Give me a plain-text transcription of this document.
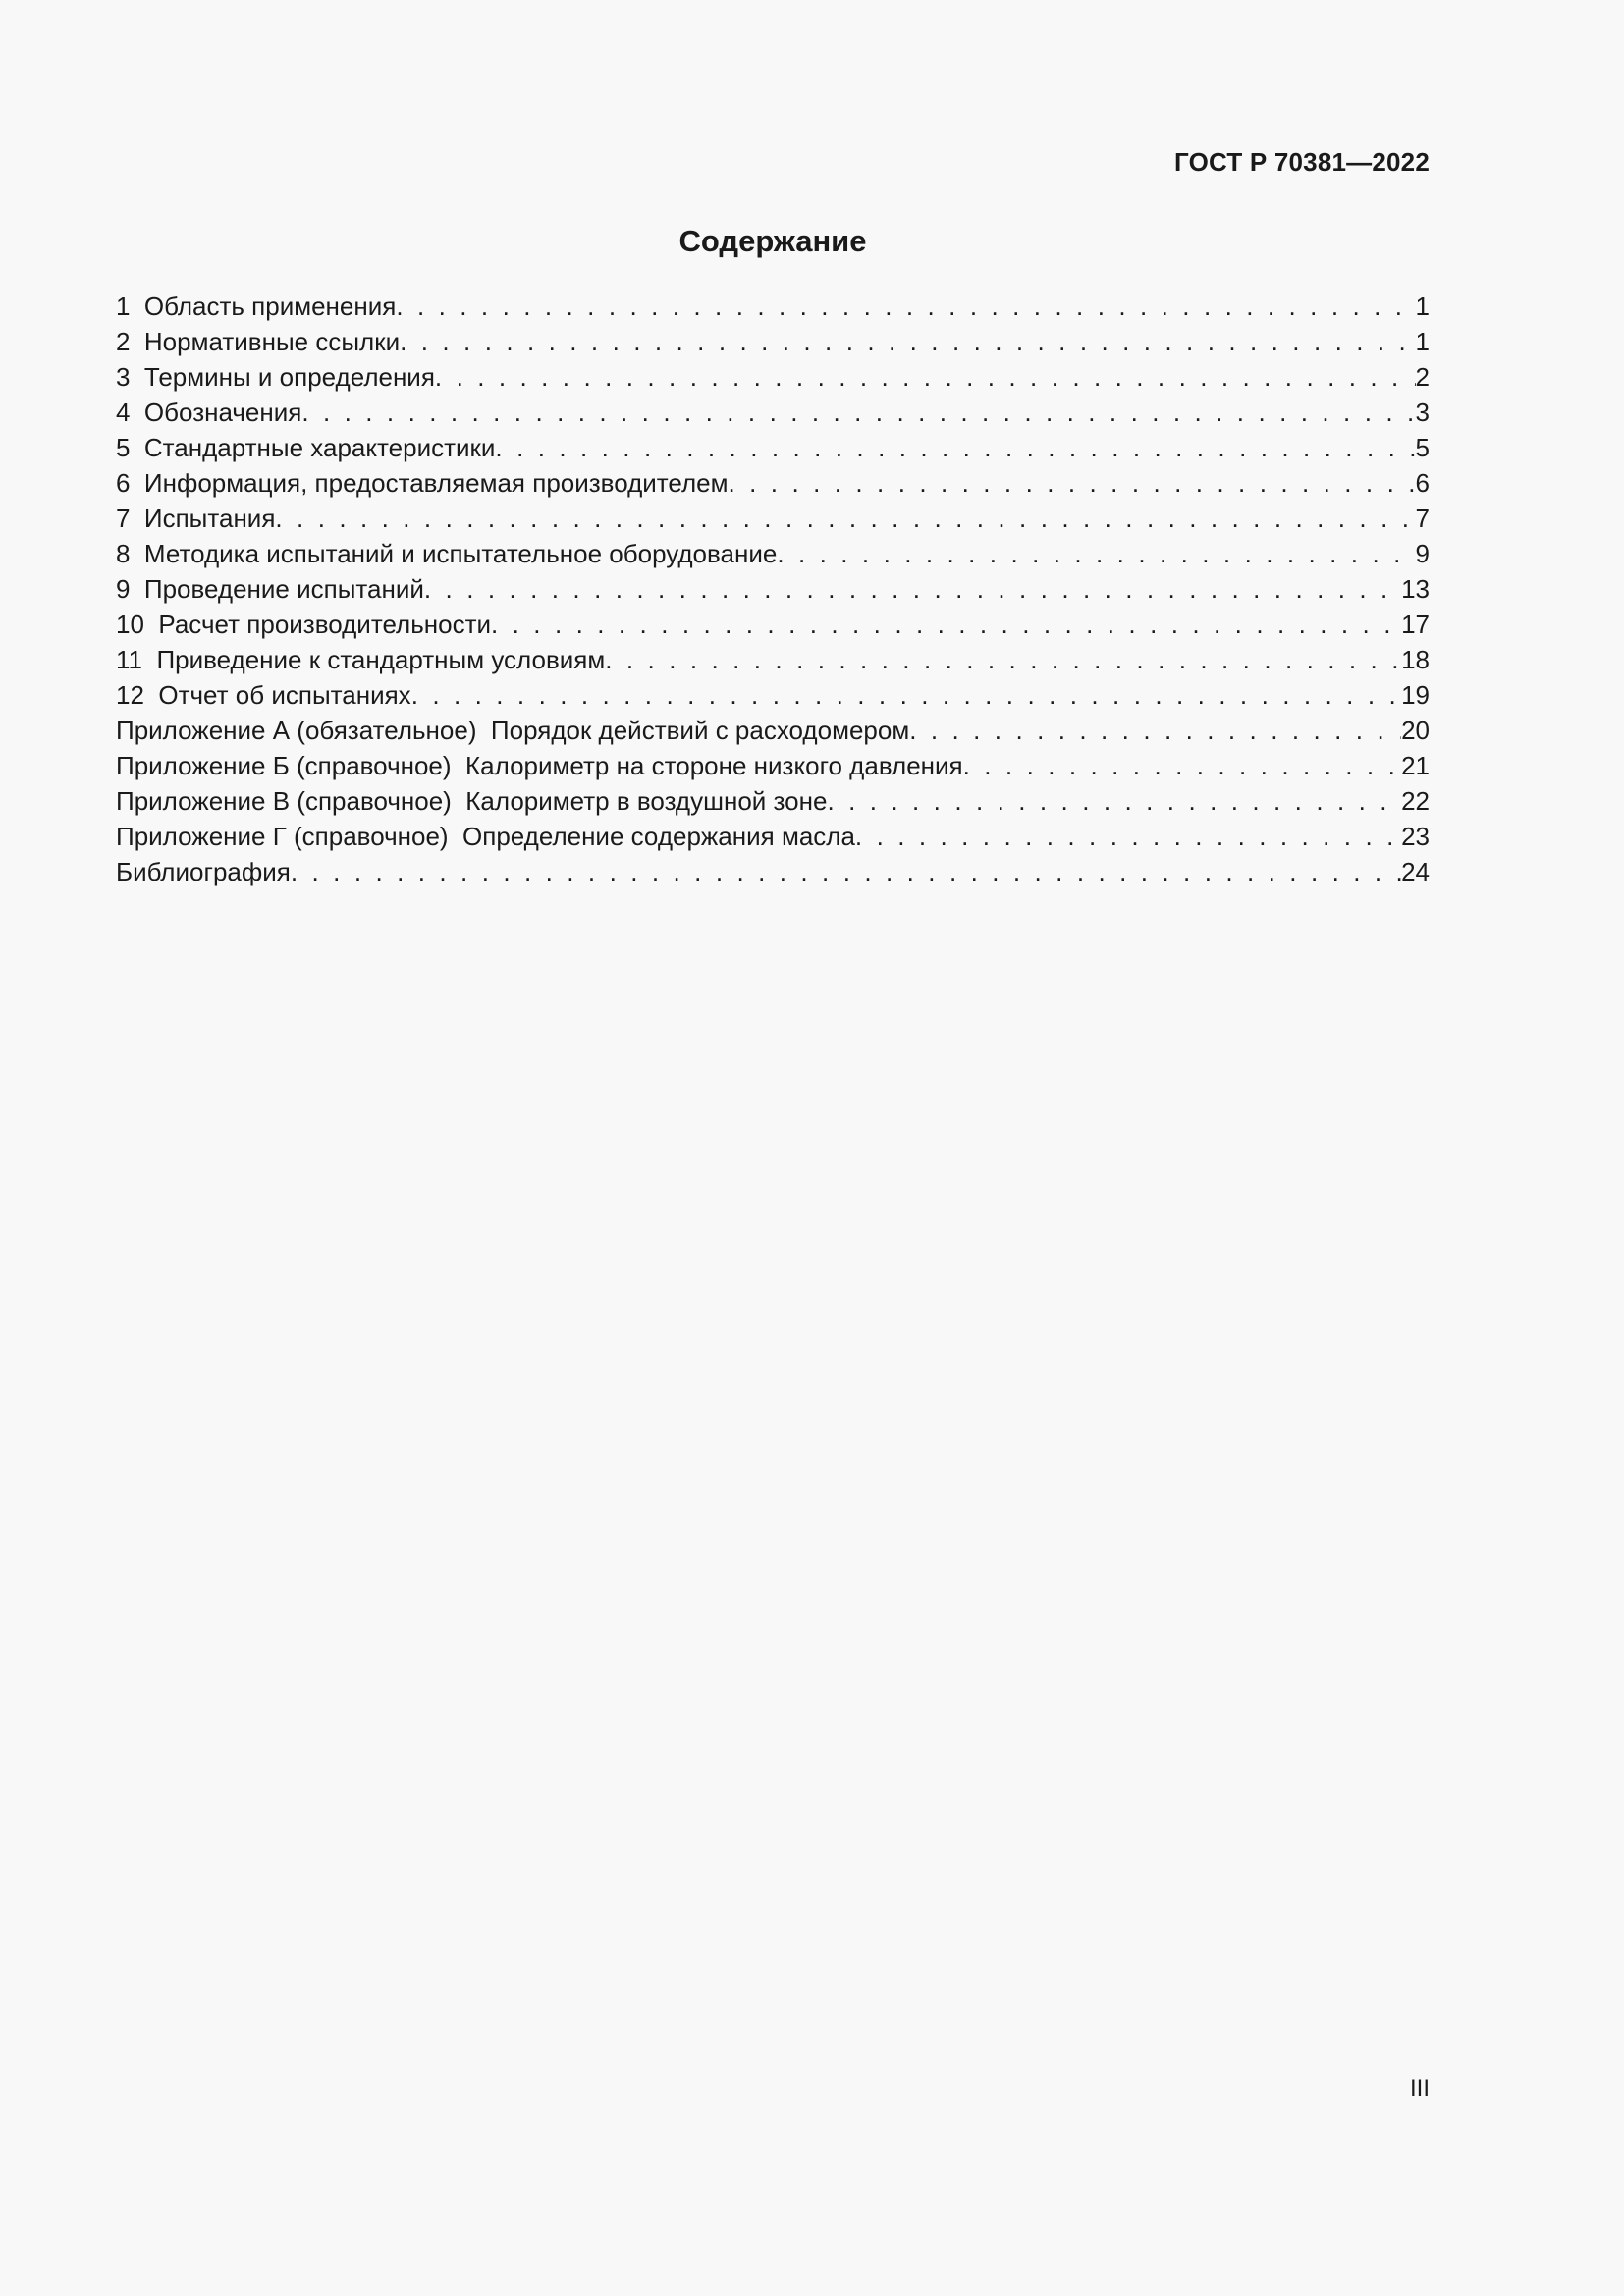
ГОСТ Р 70381—2022
Содержание
1  Область применения . . .	1
2  Нормативные ссылки . . .	1
3  Термины и определения . . .	2
4  Обозначения . . .	3
5  Стандартные характеристики . . .	5
6  Информация, предоставляемая производителем . . .	6
7  Испытания . . .	7
8  Методика испытаний и испытательное оборудование . . .	9
9  Проведение испытаний . . .	13
10  Расчет производительности . . .	17
11  Приведение к стандартным условиям . . .	18
12  Отчет об испытаниях . . .	19
Приложение А (обязательное)  Порядок действий с расходомером . . .	20
Приложение Б (справочное)  Калориметр на стороне низкого давления . . .	21
Приложение В (справочное)  Калориметр в воздушной зоне . . .	22
Приложение Г (справочное)  Определение содержания масла . . .	23
Библиография . . .	24
III
